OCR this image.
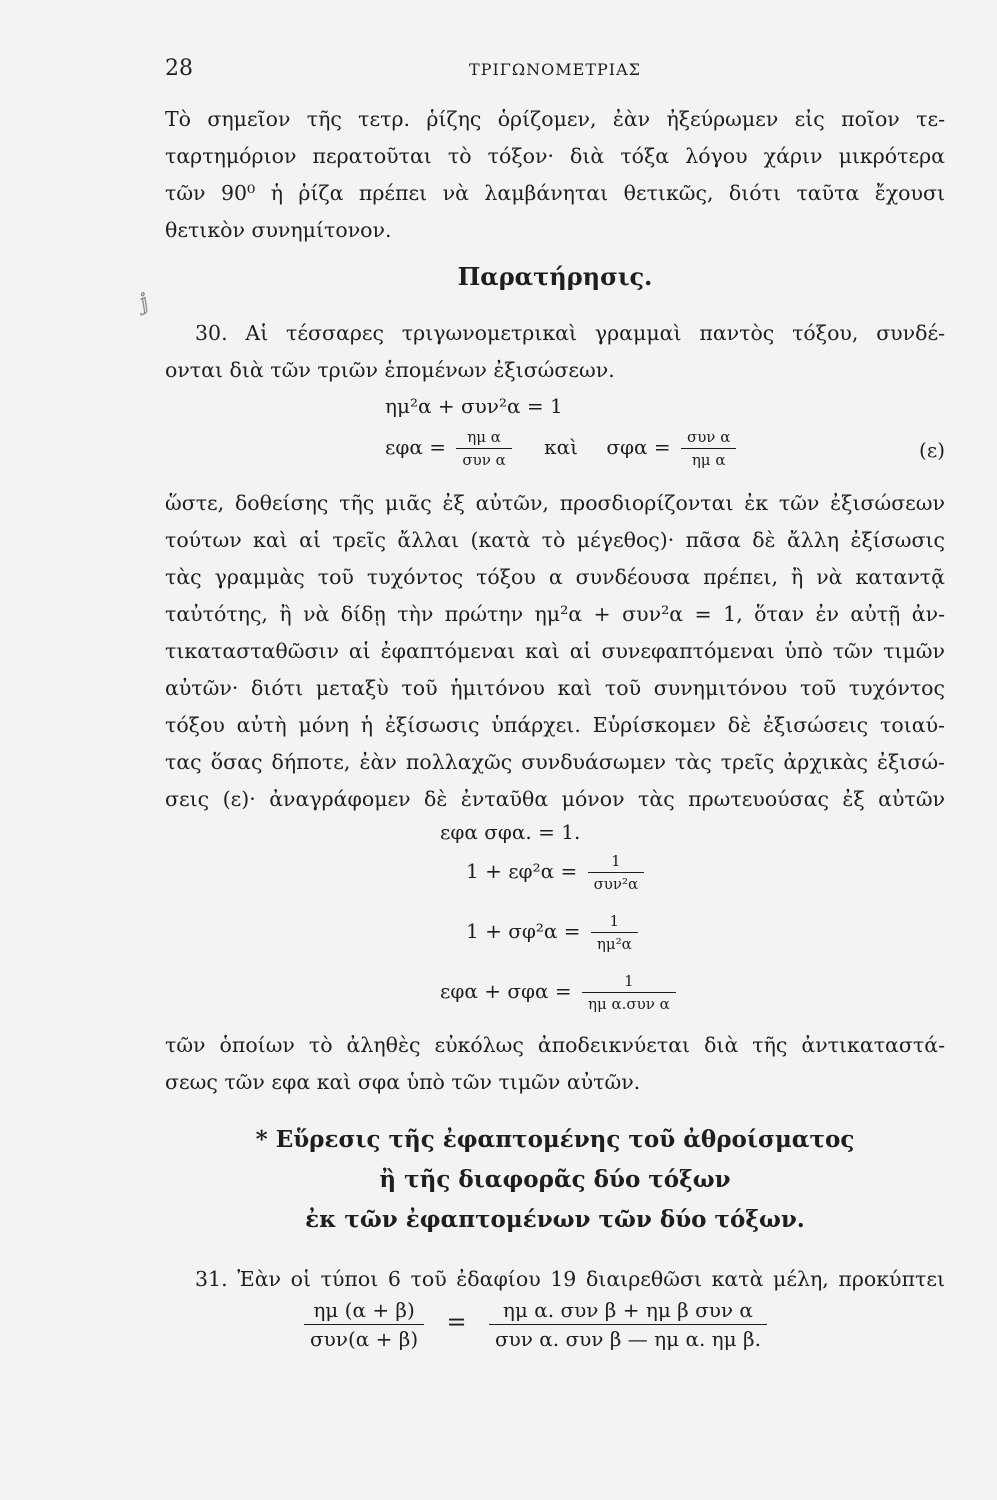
28	ΤΡΙΓΩΝΟΜΕΤΡΙΑΣ
Τὸ σημεῖον τῆς τετρ. ῥίζης ὁρίζομεν, ἐὰν ἠξεύρωμεν εἰς ποῖον τε-
ταρτημόριον περατοῦται τὸ τόξον· διὰ τόξα λόγου χάριν μικρότερα
τῶν 90⁰ ἡ ῥίζα πρέπει νὰ λαμβάνηται θετικῶς, διότι ταῦτα ἔχουσι
θετικὸν συνημίτονον.
Παρατήρησις.
ⅉ
30. Αἱ τέσσαρες τριγωνομετρικαὶ γραμμαὶ παντὸς τόξου, συνδέ-
ονται διὰ τῶν τριῶν ἑπομένων ἐξισώσεων.
ημ²α + συν²α = 1
$\varepsilon\varphi\alpha = \frac{\text{ημ α}}{\text{συν α}}$ καὶ $\sigma\varphi\alpha = \frac{\text{συν α}}{\text{ημ α}}$	(ε)
ὥστε, δοθείσης τῆς μιᾶς ἐξ αὐτῶν, προσδιορίζονται ἐκ τῶν ἐξισώσεων
τούτων καὶ αἱ τρεῖς ἄλλαι (κατὰ τὸ μέγεθος)· πᾶσα δὲ ἄλλη ἐξίσωσις
τὰς γραμμὰς τοῦ τυχόντος τόξου α συνδέουσα πρέπει, ἢ νὰ καταντᾷ
ταὐτότης, ἢ νὰ δίδῃ τὴν πρώτην ημ²α + συν²α = 1, ὅταν ἐν αὐτῇ ἀν-
τικατασταθῶσιν αἱ ἐφαπτόμεναι καὶ αἱ συνεφαπτόμεναι ὑπὸ τῶν τιμῶν
αὐτῶν· διότι μεταξὺ τοῦ ἡμιτόνου καὶ τοῦ συνημιτόνου τοῦ τυχόντος
τόξου αὐτὴ μόνη ἡ ἐξίσωσις ὑπάρχει. Εὑρίσκομεν δὲ ἐξισώσεις τοιαύ-
τας ὅσας δήποτε, ἐὰν πολλαχῶς συνδυάσωμεν τὰς τρεῖς ἀρχικὰς ἐξισώ-
σεις (ε)· ἀναγράφομεν δὲ ἐνταῦθα μόνον τὰς πρωτευούσας ἐξ αὐτῶν
εφα σφα. = 1.
$1 + \varepsilon\varphi^2\alpha = \frac{1}{\text{συν²α}}$
$1 + \sigma\varphi^2\alpha = \frac{1}{\text{ημ²α}}$
$\varepsilon\varphi\alpha + \sigma\varphi\alpha = \frac{1}{\text{ημ α.συν α}}$
τῶν ὁποίων τὸ ἀληθὲς εὐκόλως ἀποδεικνύεται διὰ τῆς ἀντικαταστά-
σεως τῶν εφα καὶ σφα ὑπὸ τῶν τιμῶν αὐτῶν.
* Εὕρεσις τῆς ἐφαπτομένης τοῦ ἀθροίσματος
ἢ τῆς διαφορᾶς δύο τόξων
ἐκ τῶν ἐφαπτομένων τῶν δύο τόξων.
31. Ἐὰν οἱ τύποι 6 τοῦ ἐδαφίου 19 διαιρεθῶσι κατὰ μέλη, προκύπτει
$\frac{\eta\mu (\alpha + \beta)}{\text{συν(α + β)}} = \frac{\text{ημ α. συν β + ημ β συν α}}{\text{συν α. συν β — ημ α. ημ β.}}$
